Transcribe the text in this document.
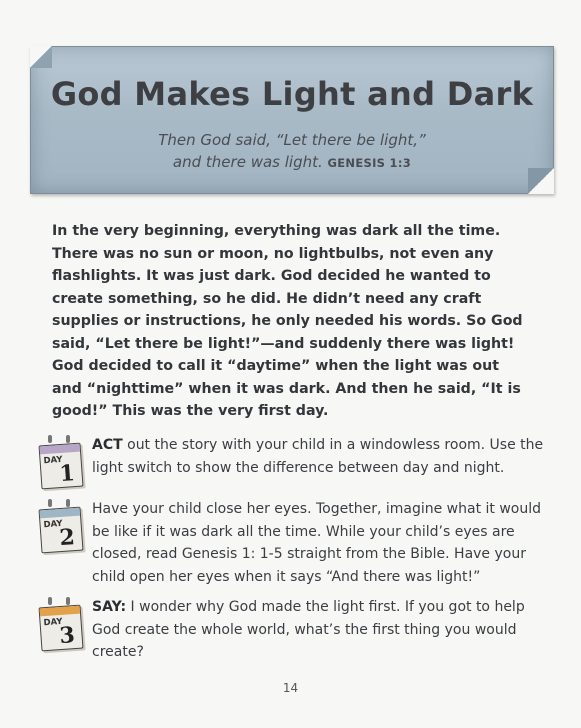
God Makes Light and Dark
Then God said, “Let there be light,”
and there was light. GENESIS 1:3

In the very beginning, everything was dark all the time. There was no sun or moon, no lightbulbs, not even any flashlights. It was just dark. God decided he wanted to create something, so he did. He didn’t need any craft supplies or instructions, he only needed his words. So God said, “Let there be light!”—and suddenly there was light! God decided to call it “daytime” when the light was out and “nighttime” when it was dark. And then he said, “It is good!” This was the very first day.

DAY
1

ACT out the story with your child in a windowless room. Use the light switch to show the difference between day and night.

DAY
2

Have your child close her eyes. Together, imagine what it would be like if it was dark all the time. While your child’s eyes are closed, read Genesis 1: 1-5 straight from the Bible. Have your child open her eyes when it says “And there was light!”

DAY
3

SAY: I wonder why God made the light first. If you got to help God create the whole world, what’s the first thing you would create?

14
